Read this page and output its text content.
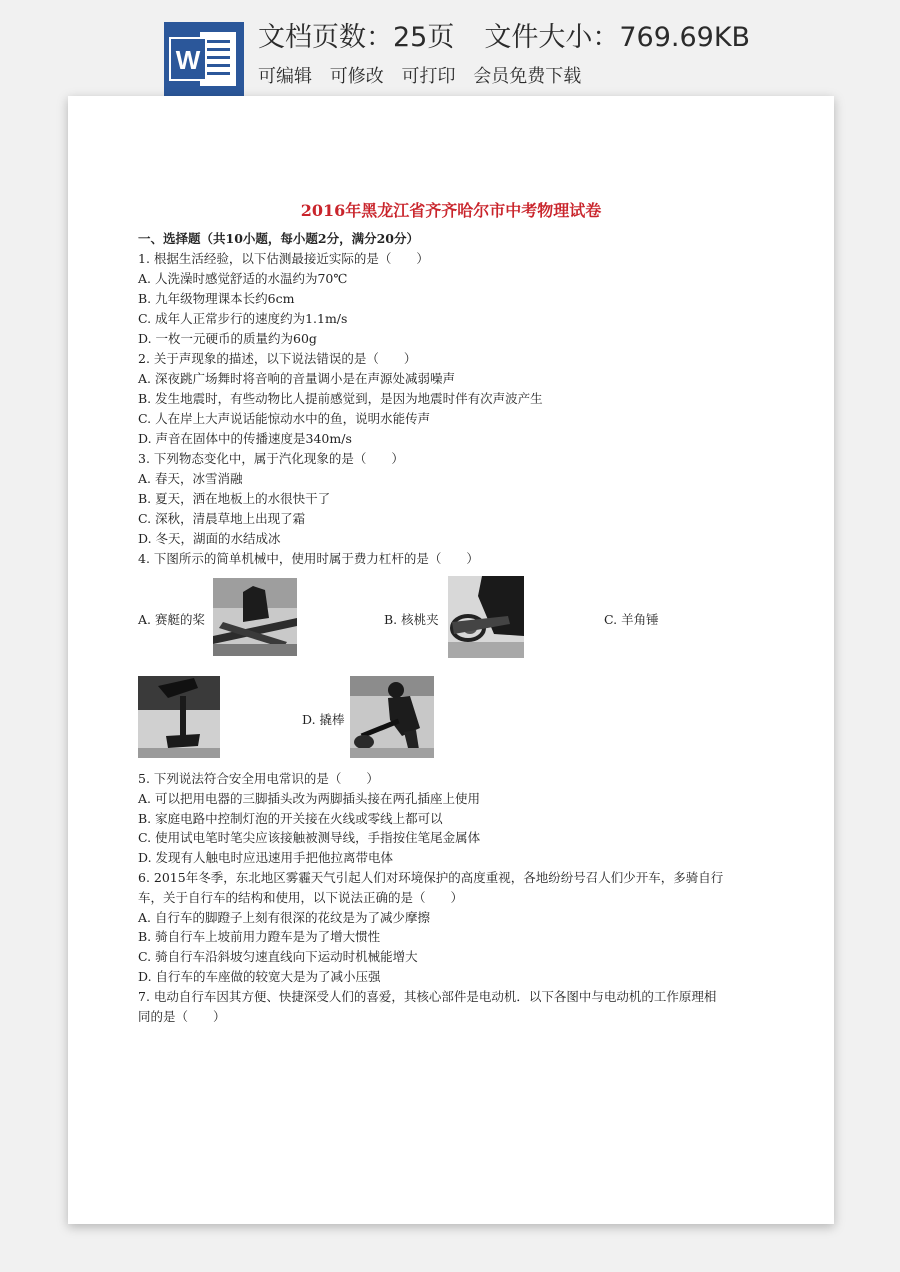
W
文档页数：25页 文件大小：769.69KB
可编辑 可修改 可打印 会员免费下载
2016年黑龙江省齐齐哈尔市中考物理试卷
一、选择题（共10小题，每小题2分，满分20分）
1. 根据生活经验，以下估测最接近实际的是（　　）
A. 人洗澡时感觉舒适的水温约为70℃
B. 九年级物理课本长约6cm
C. 成年人正常步行的速度约为1.1m/s
D. 一枚一元硬币的质量约为60g
2. 关于声现象的描述，以下说法错误的是（　　）
A. 深夜跳广场舞时将音响的音量调小是在声源处减弱噪声
B. 发生地震时，有些动物比人提前感觉到，是因为地震时伴有次声波产生
C. 人在岸上大声说话能惊动水中的鱼，说明水能传声
D. 声音在固体中的传播速度是340m/s
3. 下列物态变化中，属于汽化现象的是（　　）
A. 春天，冰雪消融
B. 夏天，洒在地板上的水很快干了
C. 深秋，清晨草地上出现了霜
D. 冬天，湖面的水结成冰
4. 下图所示的简单机械中，使用时属于费力杠杆的是（　　）
A. 赛艇的桨	B. 核桃夹	C. 羊角锤
D. 撬棒
5. 下列说法符合安全用电常识的是（　　）
A. 可以把用电器的三脚插头改为两脚插头接在两孔插座上使用
B. 家庭电路中控制灯泡的开关接在火线或零线上都可以
C. 使用试电笔时笔尖应该接触被测导线，手指按住笔尾金属体
D. 发现有人触电时应迅速用手把他拉离带电体
6. 2015年冬季，东北地区雾霾天气引起人们对环境保护的高度重视，各地纷纷号召人们少开车，多骑自行
车，关于自行车的结构和使用，以下说法正确的是（　　）
A. 自行车的脚蹬子上刻有很深的花纹是为了减少摩擦
B. 骑自行车上坡前用力蹬车是为了增大惯性
C. 骑自行车沿斜坡匀速直线向下运动时机械能增大
D. 自行车的车座做的较宽大是为了减小压强
7. 电动自行车因其方便、快捷深受人们的喜爱，其核心部件是电动机．以下各图中与电动机的工作原理相
同的是（　　）
